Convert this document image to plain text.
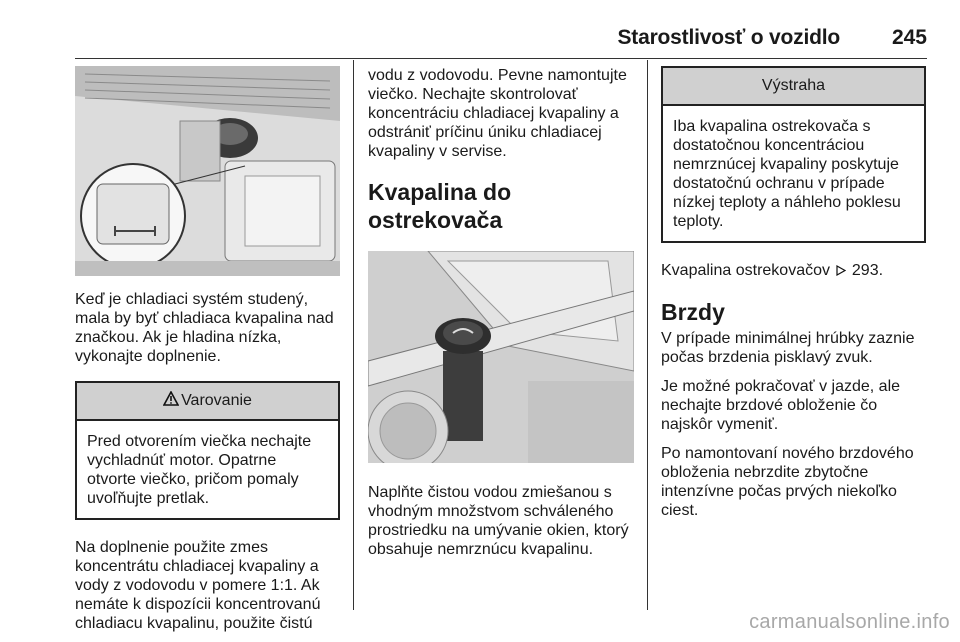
Starostlivosť o vozidlo	245

Keď je chladiaci systém studený, mala by byť chladiaca kvapalina nad značkou. Ak je hladina nízka, vykonajte doplnenie.

Varovanie
Pred otvorením viečka nechajte vychladnúť motor. Opatrne otvorte viečko, pričom pomaly uvoľňujte pretlak.

Na doplnenie použite zmes koncentrátu chladiacej kvapaliny a vody z vodovodu v pomere 1:1. Ak nemáte k dispozícii koncentrovanú chladiacu kvapalinu, použite čistú

vodu z vodovodu. Pevne namontujte viečko. Nechajte skontrolovať koncentráciu chladiacej kvapaliny a odstrániť príčinu úniku chladiacej kvapaliny v servise.

Kvapalina do ostrekovača

Naplňte čistou vodou zmiešanou s vhodným množstvom schváleného prostriedku na umývanie okien, ktorý obsahuje nemrznúcu kvapalinu.

Výstraha
Iba kvapalina ostrekovača s dostatočnou koncentráciou nemrznúcej kvapaliny poskytuje dostatočnú ochranu v prípade nízkej teploty a náhleho poklesu teploty.

Kvapalina ostrekovačov 293.

Brzdy

V prípade minimálnej hrúbky zaznie počas brzdenia pisklavý zvuk.

Je možné pokračovať v jazde, ale nechajte brzdové obloženie čo najskôr vymeniť.

Po namontovaní nového brzdového obloženia nebrzdite zbytočne intenzívne počas prvých niekoľko ciest.

carmanualsonline.info
